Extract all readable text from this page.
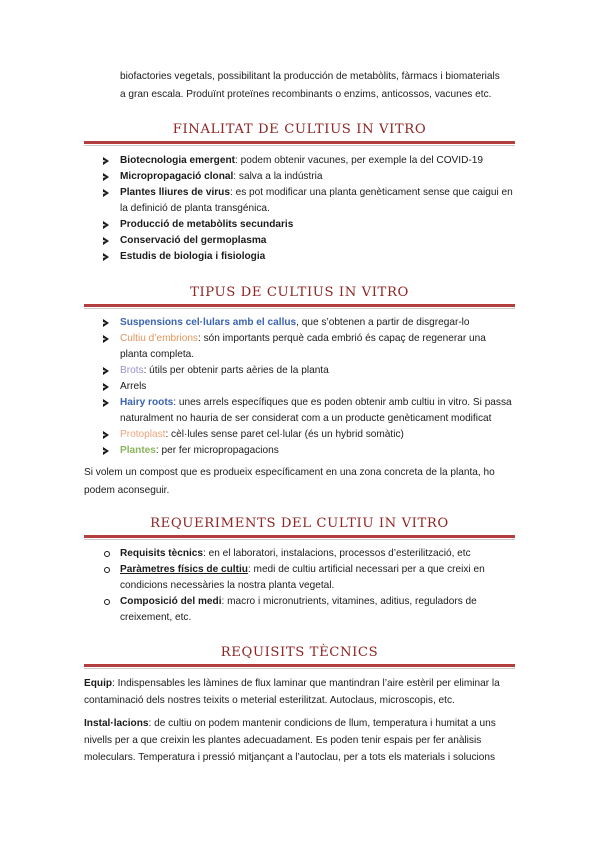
biofactories vegetals, possibilitant la producción de metabòlits, fàrmacs i biomaterials
a gran escala. Produïnt proteïnes recombinants o enzims, anticossos, vacunes etc.
FINALITAT DE CULTIUS IN VITRO
Biotecnologia emergent: podem obtenir vacunes, per exemple la del COVID-19
Micropropagació clonal: salva a la indústria
Plantes lliures de virus: es pot modificar una planta genèticament sense que caigui en
la definició de planta transgénica.
Producció de metabòlits secundaris
Conservació del germoplasma
Estudis de biologia i fisiologia
TIPUS DE CULTIUS IN VITRO
Suspensions cel·lulars amb el callus, que s’obtenen a partir de disgregar-lo
Cultiu d’embrions: són importants perquè cada embrió és capaç de regenerar una
planta completa.
Brots: útils per obtenir parts aèries de la planta
Arrels
Hairy roots: unes arrels específiques que es poden obtenir amb cultiu in vitro. Si passa
naturalment no hauria de ser considerat com a un producte genèticament modificat
Protoplast: cèl·lules sense paret cel·lular (és un hybrid somàtic)
Plantes: per fer micropropagacions
Si volem un compost que es produeix específicament en una zona concreta de la planta, ho
podem aconseguir.
REQUERIMENTS DEL CULTIU IN VITRO
Requisits tècnics: en el laboratori, instalacions, processos d’esterilització, etc
Paràmetres físics de cultiu: medi de cultiu artificial necessari per a que creixi en
condicions necessàries la nostra planta vegetal.
Composició del medi: macro i micronutrients, vitamines, aditius, reguladors de
creixement, etc.
REQUISITS TÈCNICS
Equip: Indispensables les làmines de flux laminar que mantindran l’aire estèril per eliminar la
contaminació dels nostres teixits o meterial esterilitzat. Autoclaus, microscopis, etc.
Instal·lacions: de cultiu on podem mantenir condicions de llum, temperatura i humitat a uns
nivells per a que creixin les plantes adecuadament. Es poden tenir espais per fer anàlisis
moleculars. Temperatura i pressió mitjançant a l’autoclau, per a tots els materials i solucions
